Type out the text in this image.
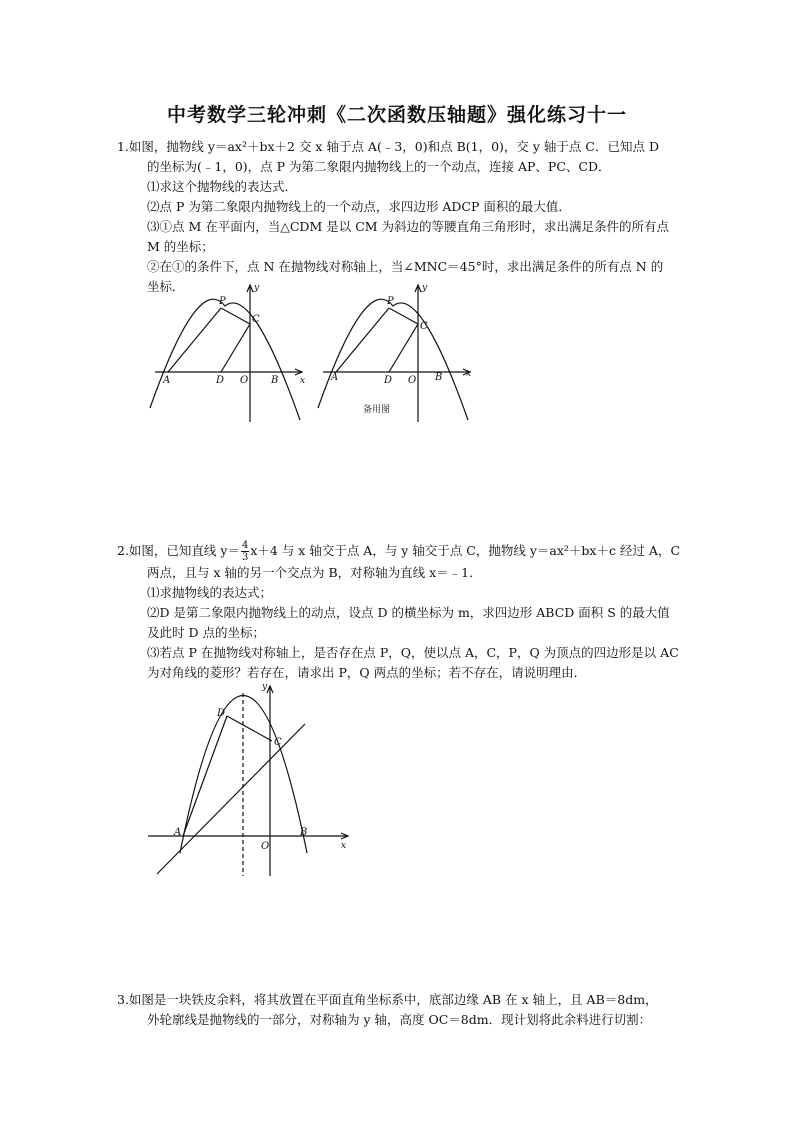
中考数学三轮冲刺《二次函数压轴题》强化练习十一

1.如图，抛物线 y＝ax²＋bx＋2 交 x 轴于点 A(﹣3，0)和点 B(1，0)，交 y 轴于点 C．已知点 D

的坐标为(﹣1，0)，点 P 为第二象限内抛物线上的一个动点，连接 AP、PC、CD．

⑴求这个抛物线的表达式．

⑵点 P 为第二象限内抛物线上的一个动点，求四边形 ADCP 面积的最大值．

⑶①点 M 在平面内，当△CDM 是以 CM 为斜边的等腰直角三角形时，求出满足条件的所有点

M 的坐标；

②在①的条件下，点 N 在抛物线对称轴上，当∠MNC＝45°时，求出满足条件的所有点 N 的

坐标．

P
C
A	D O B x
y
P
C
A	D O B	x
y
备用图

2.如图，已知直线 $y= \frac{4}{3} x+4$ 与 x 轴交于点 A，与 y 轴交于点 C，抛物线 y＝ax²＋bx＋c 经过 A，C

两点，且与 x 轴的另一个交点为 B，对称轴为直线 x＝﹣1．

⑴求抛物线的表达式；

⑵D 是第二象限内抛物线上的动点，设点 D 的横坐标为 m，求四边形 ABCD 面积 S 的最大值

及此时 D 点的坐标；

⑶若点 P 在抛物线对称轴上，是否存在点 P，Q，使以点 A，C，P，Q 为顶点的四边形是以 AC

为对角线的菱形？若存在，请求出 P，Q 两点的坐标；若不存在，请说明理由．

D
C
A	B
O	x
y

3.如图是一块铁皮余料，将其放置在平面直角坐标系中，底部边缘 AB 在 x 轴上，且 AB＝8dm，

外轮廓线是抛物线的一部分，对称轴为 y 轴，高度 OC＝8dm．现计划将此余料进行切割：
